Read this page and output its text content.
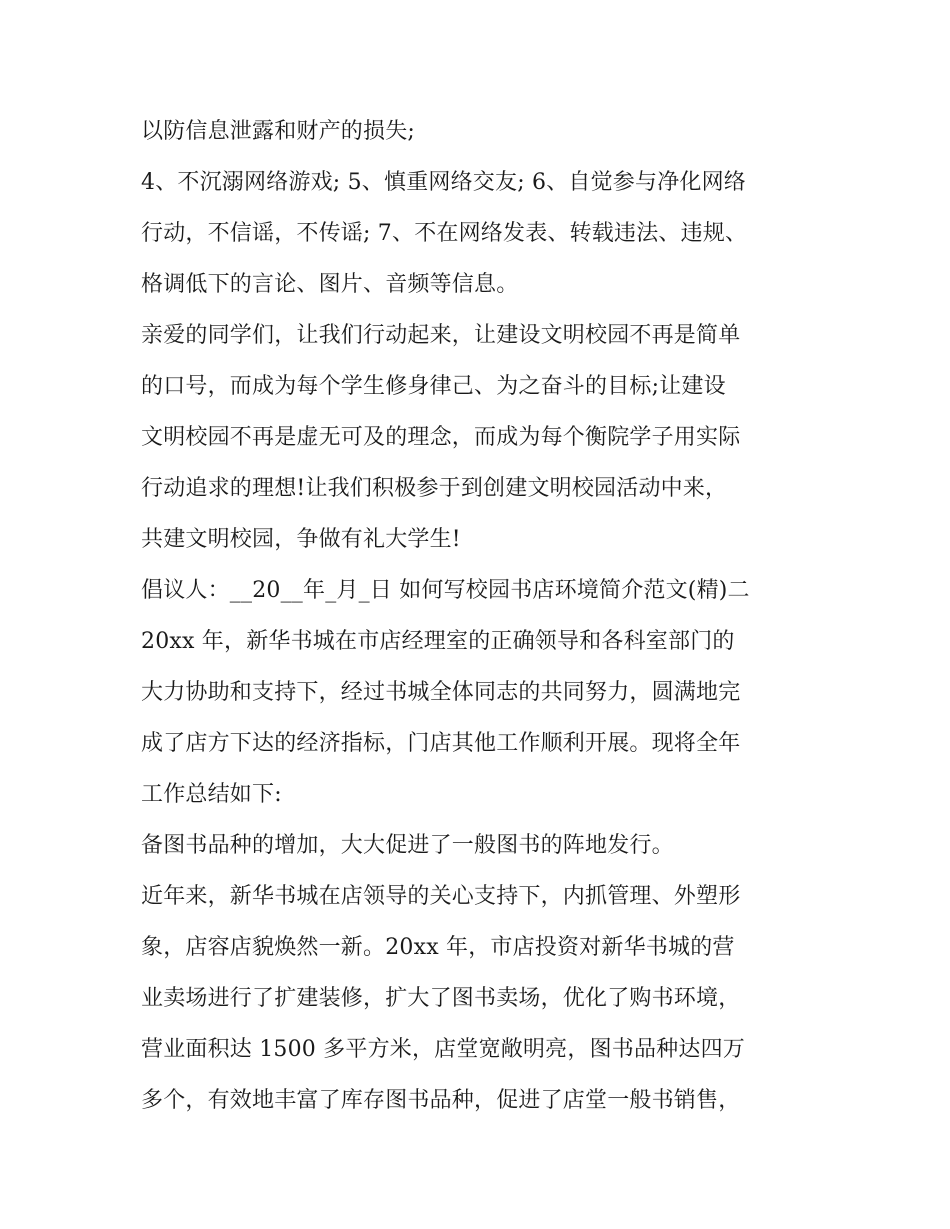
以防信息泄露和财产的损失;
4、不沉溺网络游戏; 5、慎重网络交友; 6、自觉参与净化网络
行动，不信谣，不传谣; 7、不在网络发表、转载违法、违规、
格调低下的言论、图片、音频等信息。
亲爱的同学们，让我们行动起来，让建设文明校园不再是简单
的口号，而成为每个学生修身律己、为之奋斗的目标;让建设
文明校园不再是虚无可及的理念，而成为每个衡院学子用实际
行动追求的理想!让我们积极参于到创建文明校园活动中来，
共建文明校园，争做有礼大学生!
倡议人：__20__年_月_日 如何写校园书店环境简介范文(精)二
20xx 年，新华书城在市店经理室的正确领导和各科室部门的
大力协助和支持下，经过书城全体同志的共同努力，圆满地完
成了店方下达的经济指标，门店其他工作顺利开展。现将全年
工作总结如下:
备图书品种的增加，大大促进了一般图书的阵地发行。
近年来，新华书城在店领导的关心支持下，内抓管理、外塑形
象，店容店貌焕然一新。20xx 年，市店投资对新华书城的营
业卖场进行了扩建装修，扩大了图书卖场，优化了购书环境，
营业面积达 1500 多平方米，店堂宽敞明亮，图书品种达四万
多个，有效地丰富了库存图书品种，促进了店堂一般书销售，
